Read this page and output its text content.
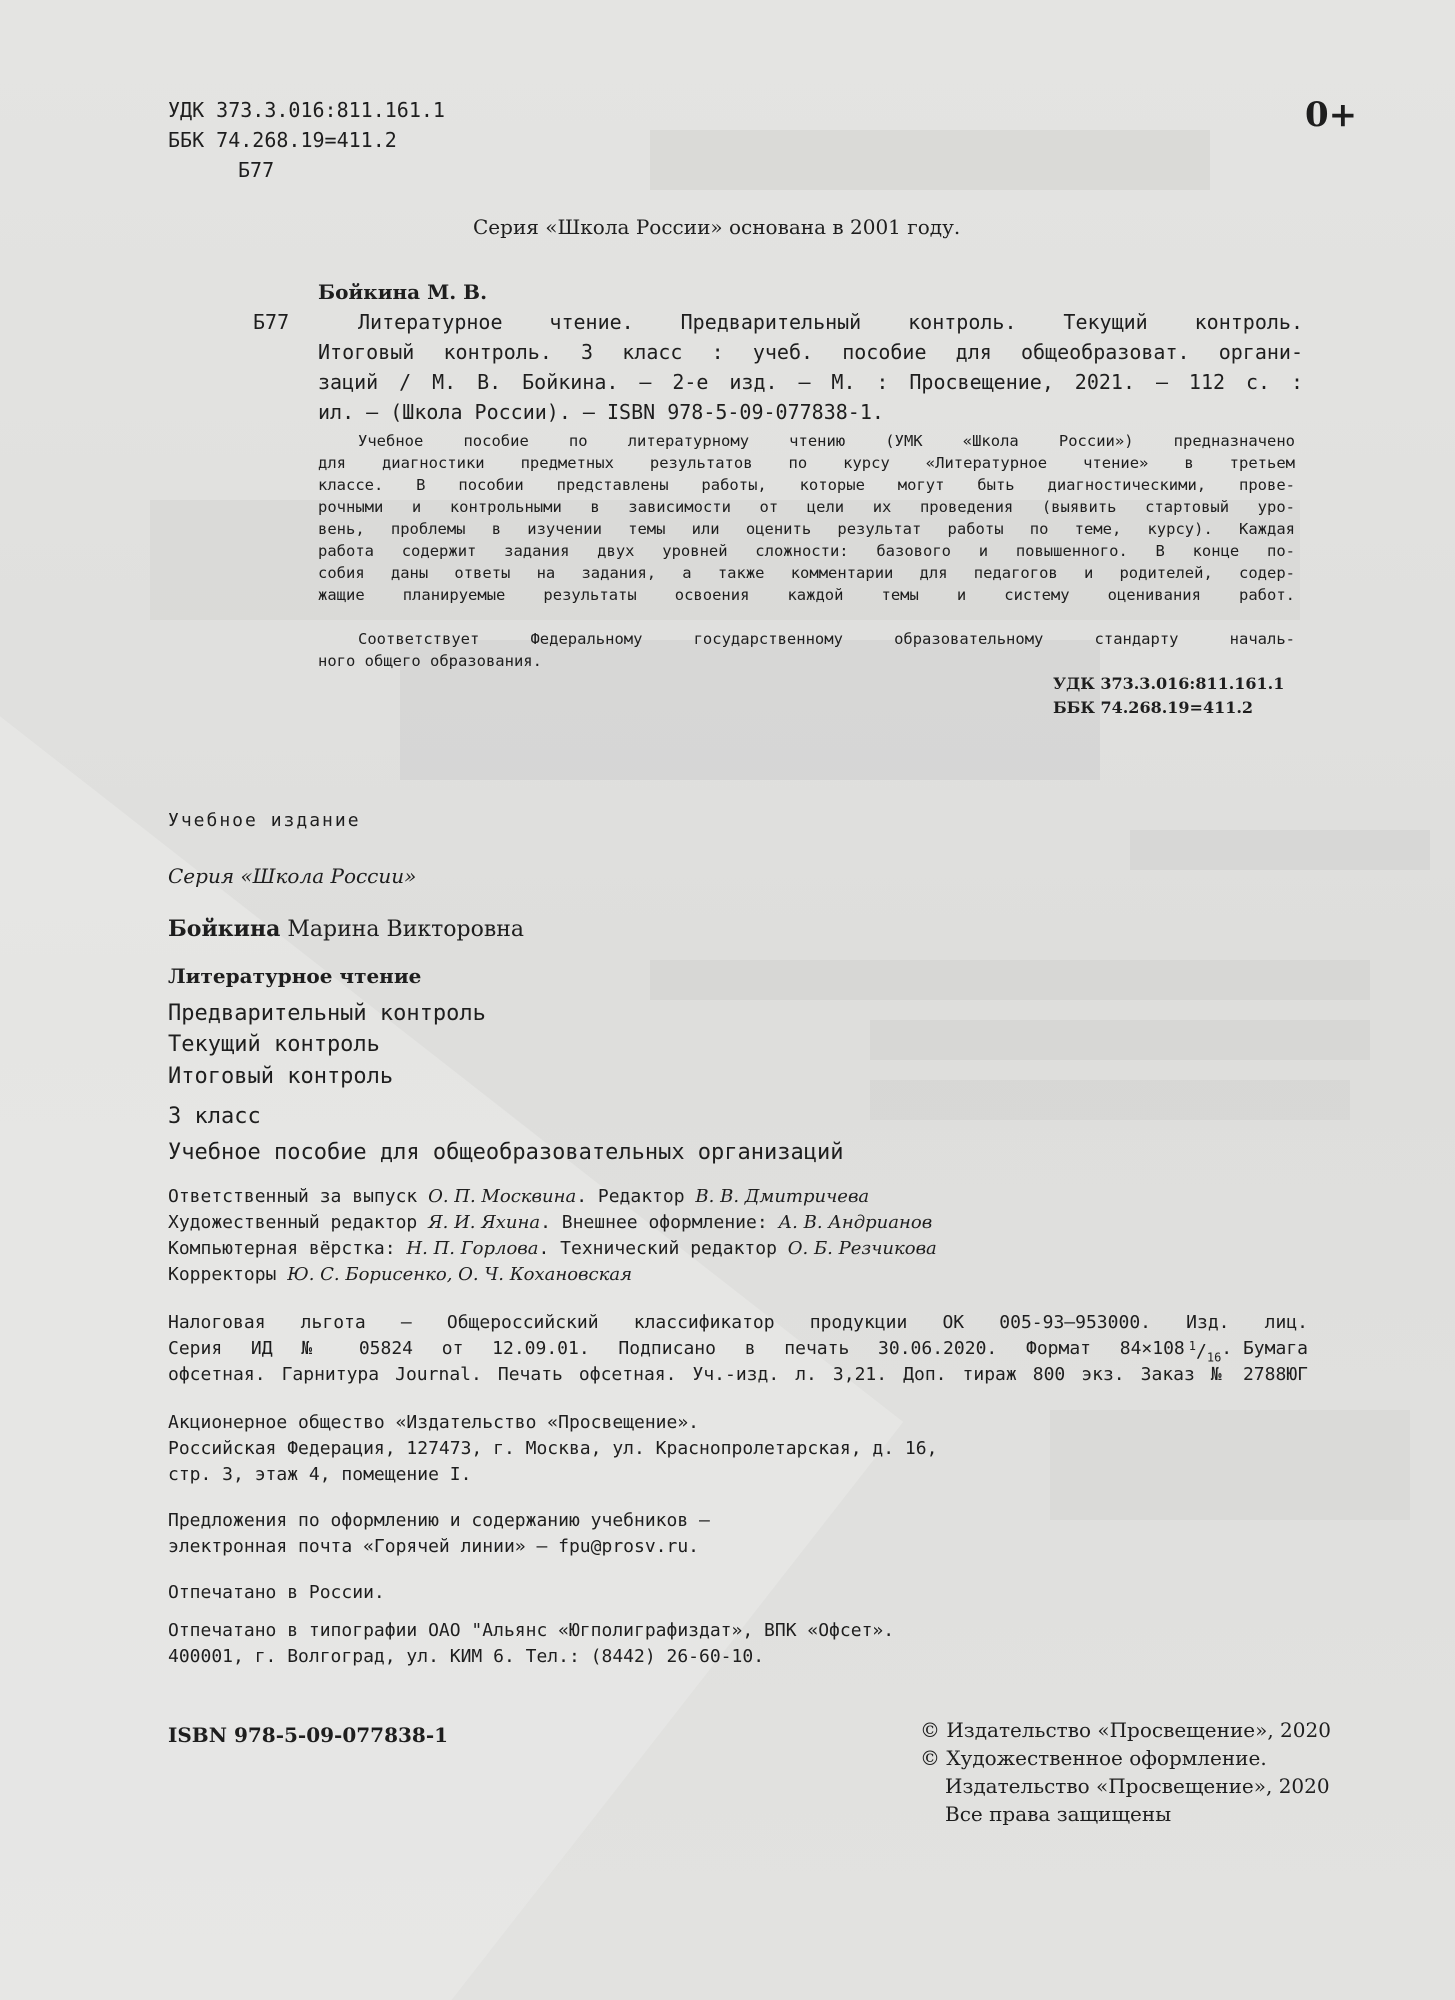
УДК 373.3.016:811.161.1
ББК 74.268.19=411.2
Б77
0+
Серия «Школа России» основана в 2001 году.
Бойкина М. В.
Б77	Литературное чтение. Предварительный контроль. Текущий контроль.
Итоговый контроль. 3 класс : учеб. пособие для общеобразоват. органи-
заций / М. В. Бойкина. — 2-е изд. — М. : Просвещение, 2021. — 112 с. :
ил. — (Школа России). — ISBN 978-5-09-077838-1.
Учебное пособие по литературному чтению (УМК «Школа России») предназначено
для диагностики предметных результатов по курсу «Литературное чтение» в третьем
классе. В пособии представлены работы, которые могут быть диагностическими, прове-
рочными и контрольными в зависимости от цели их проведения (выявить стартовый уро-
вень, проблемы в изучении темы или оценить результат работы по теме, курсу). Каждая
работа содержит задания двух уровней сложности: базового и повышенного. В конце по-
собия даны ответы на задания, а также комментарии для педагогов и родителей, содер-
жащие планируемые результаты освоения каждой темы и систему оценивания работ.
Соответствует Федеральному государственному образовательному стандарту началь-
ного общего образования.
УДК 373.3.016:811.161.1
ББК 74.268.19=411.2
Учебное издание
Серия «Школа России»
Бойкина Марина Викторовна
Литературное чтение
Предварительный контроль
Текущий контроль
Итоговый контроль
3 класс
Учебное пособие для общеобразовательных организаций
Ответственный за выпуск О. П. Москвина. Редактор В. В. Дмитричева
Художественный редактор Я. И. Яхина. Внешнее оформление: А. В. Андрианов
Компьютерная вёрстка: Н. П. Горлова. Технический редактор О. Б. Резчикова
Корректоры Ю. С. Борисенко, О. Ч. Кохановская
Налоговая льгота — Общероссийский классификатор продукции ОК 005-93—953000. Изд. лиц.
Серия ИД № 05824 от 12.09.01. Подписано в печать 30.06.2020. Формат 84×108 $^1/_{16}$ . Бумага
офсетная. Гарнитура Journal. Печать офсетная. Уч.-изд. л. 3,21. Доп. тираж 800 экз. Заказ № 2788ЮГ
Акционерное общество «Издательство «Просвещение».
Российская Федерация, 127473, г. Москва, ул. Краснопролетарская, д. 16,
стр. 3, этаж 4, помещение I.
Предложения по оформлению и содержанию учебников —
электронная почта «Горячей линии» — fpu@prosv.ru.
Отпечатано в России.
Отпечатано в типографии ОАО "Альянс «Югполиграфиздат», ВПК «Офсет».
400001, г. Волгоград, ул. КИМ 6. Тел.: (8442) 26-60-10.
ISBN 978-5-09-077838-1	© Издательство «Просвещение», 2020
© Художественное оформление.
Издательство «Просвещение», 2020
Все права защищены
